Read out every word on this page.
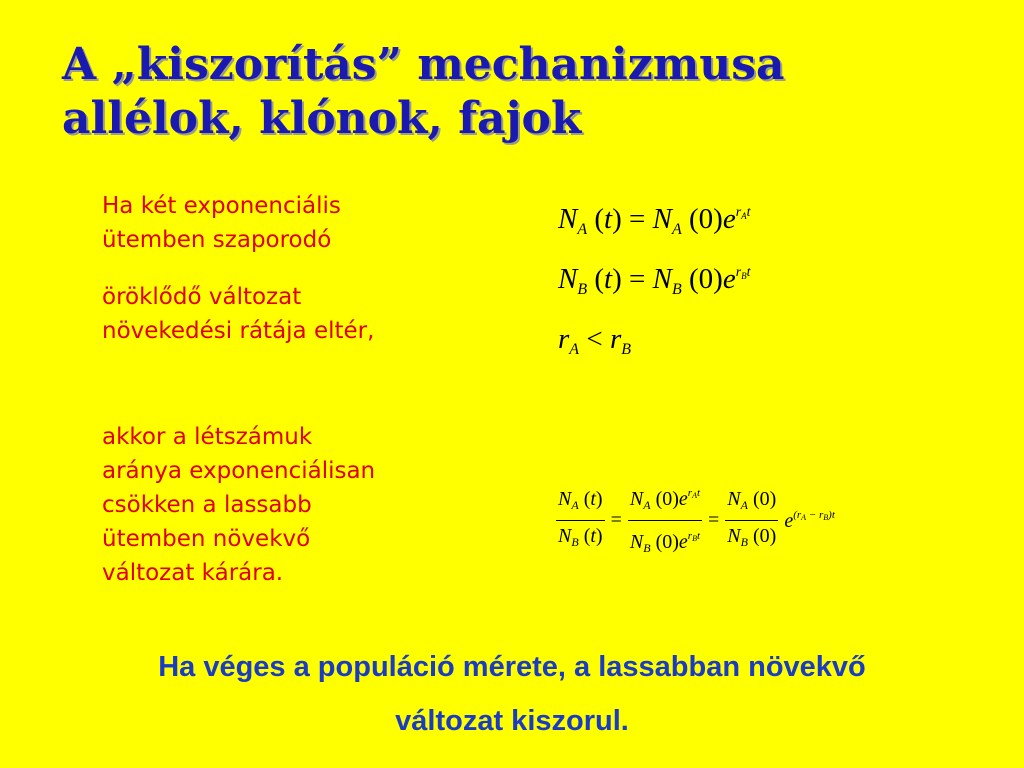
A „kiszorítás” mechanizmusa
allélok, klónok, fajok
Ha két exponenciális
ütemben szaporodó
öröklődő változat
növekedési rátája eltér,
akkor a létszámuk
aránya exponenciálisan
csökken a lassabb
ütemben növekvő
változat kárára.
$N_A$ $(t) = N_A$ $(0)e^{r_At}$
$N_B$ $(t) = N_B$ $(0)e^{r_Bt}$
$r_A < r_B$
$\frac{N_A (t)}{N_B (t)} = \frac{N_A (0)e^{rAt}}{N_B (0)e^{rBt}} = \frac{N_A (0)}{N_B (0)} e^{(rA - rB)t}$
Ha véges a populáció mérete, a lassabban növekvő
változat kiszorul.
